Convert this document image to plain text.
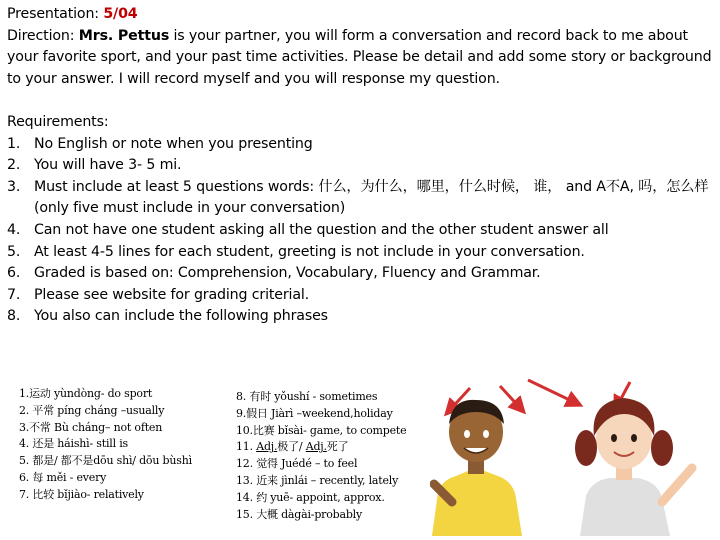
Presentation: 5/04

Direction: Mrs. Pettus is your partner, you will form a conversation and record back to me about your favorite sport, and your past time activities. Please be detail and add some story or background to your answer. I will record myself and you will response my question.

Requirements:

1. No English or note when you presenting
2. You will have 3- 5 mi.
3. Must include at least 5 questions words: 什么，为什么，哪里，什么时候， 谁， and A不A, 吗，怎么样 (only five must include in your conversation)
4. Can not have one student asking all the question and the other student answer all
5. At least 4-5 lines for each student, greeting is not include in your conversation.
6. Graded is based on: Comprehension, Vocabulary, Fluency and Grammar.
7. Please see website for grading criterial.
8. You also can include the following phrases
1.运动 yùndòng- do sport
2. 平常 píng cháng –usually
3.不常 Bù cháng– not often
4. 还是 háishì- still is
5. 都是/ 都不是dōu shì/ dōu bùshì
6. 每 měi - every
7. 比较 bǐjiào- relatively
8. 有时 yǒushí - sometimes
9.假日 Jiàrì –weekend,holiday
10.比赛 bǐsài- game, to compete
11. Adj.极了/ Adj.死了
12. 觉得 Juédé – to feel
13. 近来 jìnlái – recently, lately
14. 约 yuē- appoint, approx.
15. 大概 dàgài-probably
